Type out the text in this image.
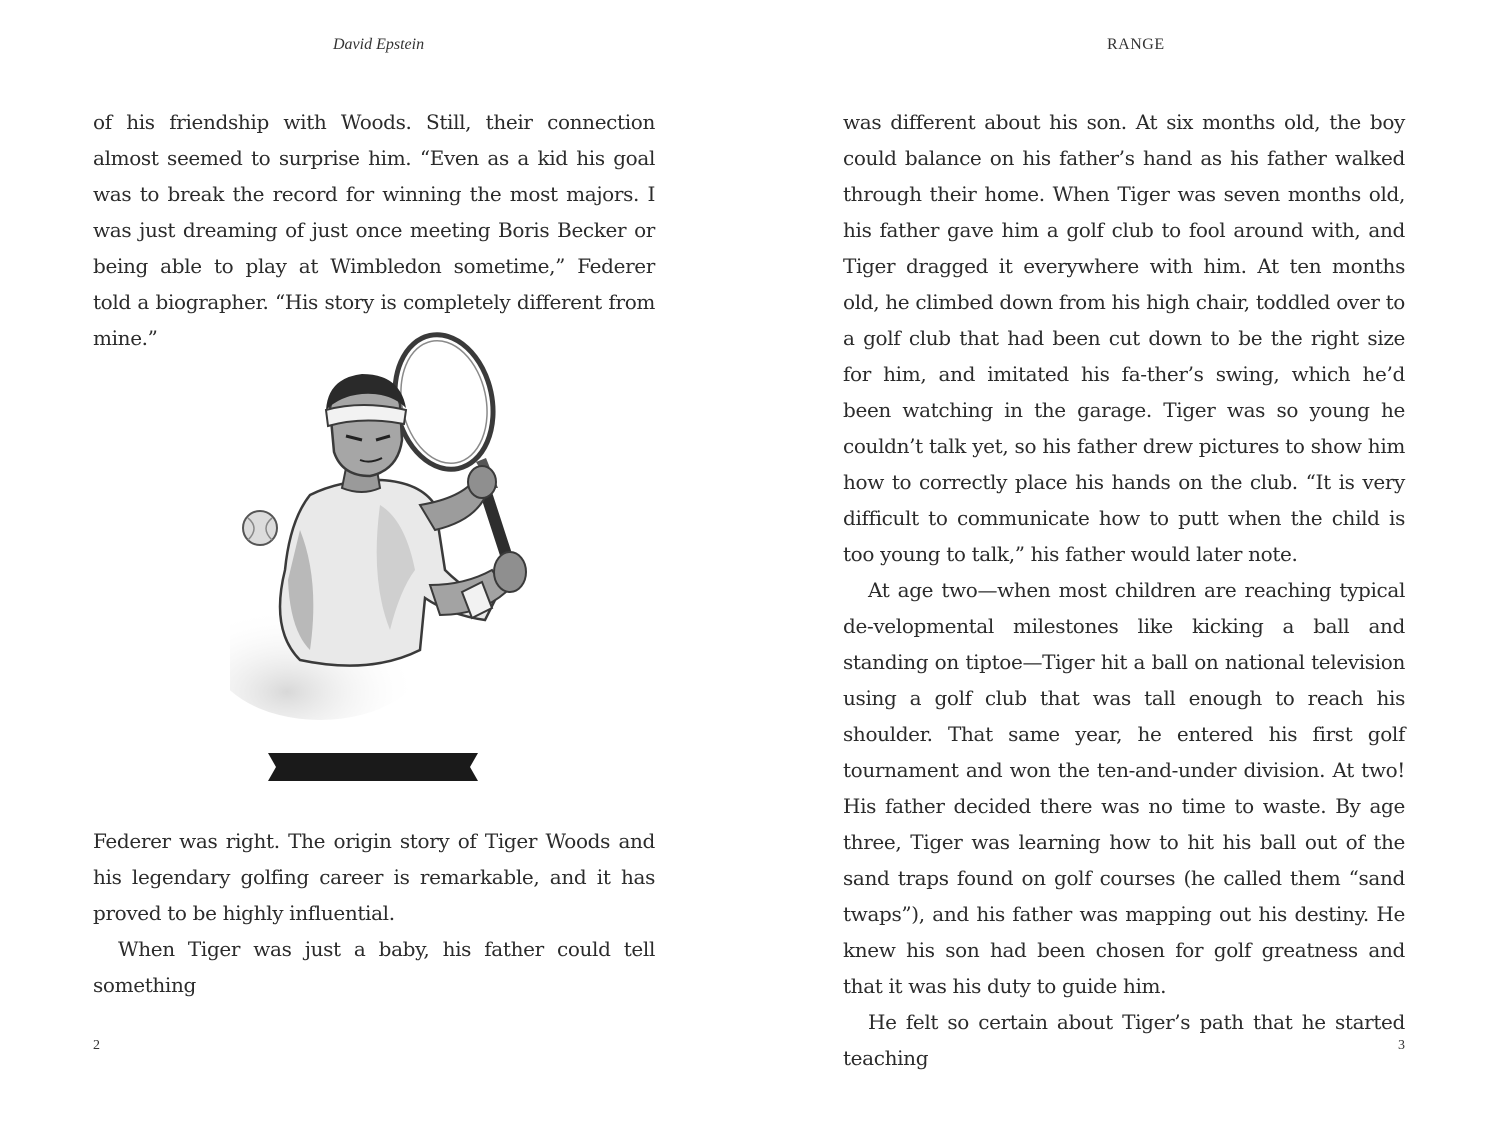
David Epstein

of his friendship with Woods. Still, their connection almost seemed to surprise him. “Even as a kid his goal was to break the record for winning the most majors. I was just dreaming of just once meeting Boris Becker or being able to play at Wimbledon sometime,” Federer told a biographer. “His story is completely different from mine.”

Federer was right. The origin story of Tiger Woods and his legendary golfing career is remarkable, and it has proved to be highly influential.

When Tiger was just a baby, his father could tell something

2
RANGE

was different about his son. At six months old, the boy could balance on his father’s hand as his father walked through their home. When Tiger was seven months old, his father gave him a golf club to fool around with, and Tiger dragged it everywhere with him. At ten months old, he climbed down from his high chair, toddled over to a golf club that had been cut down to be the right size for him, and imitated his fa-ther’s swing, which he’d been watching in the garage. Tiger was so young he couldn’t talk yet, so his father drew pictures to show him how to correctly place his hands on the club. “It is very difficult to communicate how to putt when the child is too young to talk,” his father would later note.

At age two—when most children are reaching typical de-velopmental milestones like kicking a ball and standing on tiptoe—Tiger hit a ball on national television using a golf club that was tall enough to reach his shoulder. That same year, he entered his first golf tournament and won the ten-and-under division. At two! His father decided there was no time to waste. By age three, Tiger was learning how to hit his ball out of the sand traps found on golf courses (he called them “sand twaps”), and his father was mapping out his destiny. He knew his son had been chosen for golf greatness and that it was his duty to guide him.

He felt so certain about Tiger’s path that he started teaching

3
